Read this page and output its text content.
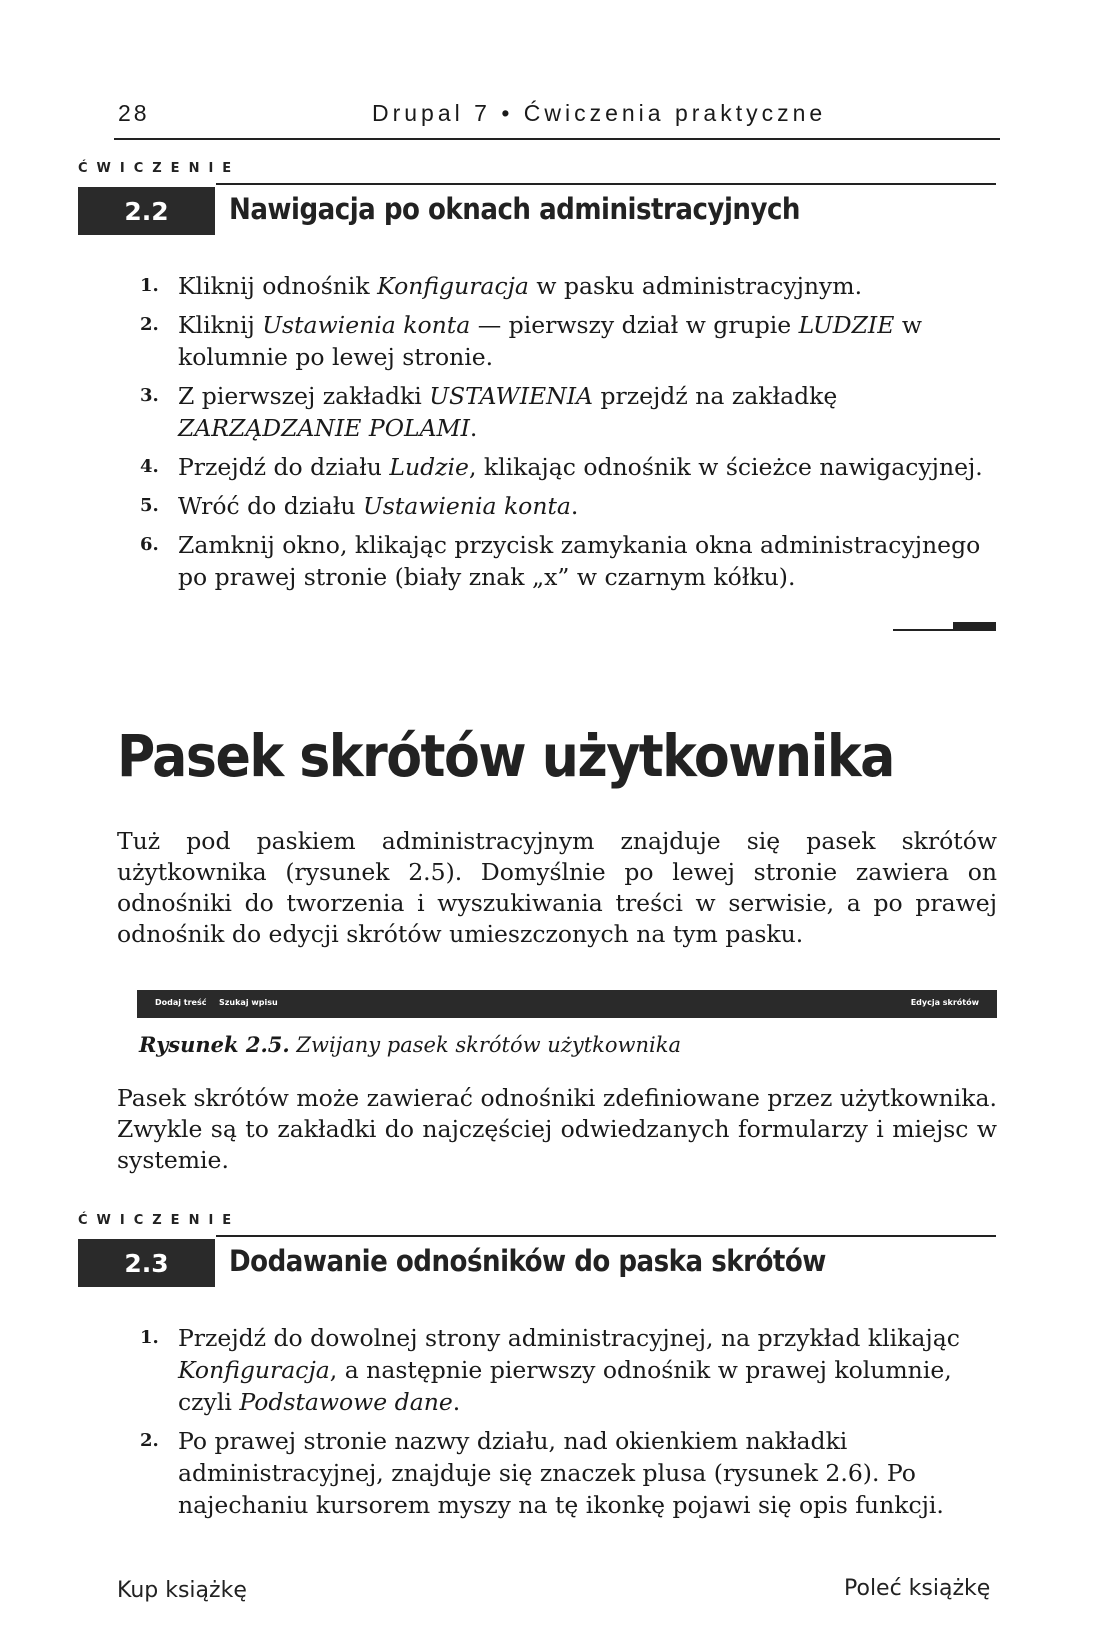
28	Drupal 7 • Ćwiczenia praktyczne
ĆWICZENIE
2.2	Nawigacja po oknach administracyjnych
1. Kliknij odnośnik Konfiguracja w pasku administracyjnym.
2. Kliknij Ustawienia konta — pierwszy dział w grupie LUDZIE w kolumnie po lewej stronie.
3. Z pierwszej zakładki USTAWIENIA przejdź na zakładkę ZARZĄDZANIE POLAMI.
4. Przejdź do działu Ludzie, klikając odnośnik w ścieżce nawigacyjnej.
5. Wróć do działu Ustawienia konta.
6. Zamknij okno, klikając przycisk zamykania okna administracyjnego po prawej stronie (biały znak „x” w czarnym kółku).
Pasek skrótów użytkownika
Tuż pod paskiem administracyjnym znajduje się pasek skrótów użytkownika (rysunek 2.5). Domyślnie po lewej stronie zawiera on odnośniki do tworzenia i wyszukiwania treści w serwisie, a po prawej odnośnik do edycji skrótów umieszczonych na tym pasku.
Dodaj treść Szukaj wpisu	Edycja skrótów
Rysunek 2.5. Zwijany pasek skrótów użytkownika
Pasek skrótów może zawierać odnośniki zdefiniowane przez użytkownika. Zwykle są to zakładki do najczęściej odwiedzanych formularzy i miejsc w systemie.
ĆWICZENIE
2.3	Dodawanie odnośników do paska skrótów
1. Przejdź do dowolnej strony administracyjnej, na przykład klikając Konfiguracja, a następnie pierwszy odnośnik w prawej kolumnie, czyli Podstawowe dane.
2. Po prawej stronie nazwy działu, nad okienkiem nakładki administracyjnej, znajduje się znaczek plusa (rysunek 2.6). Po najechaniu kursorem myszy na tę ikonkę pojawi się opis funkcji.
Kup książkę	Poleć książkę
